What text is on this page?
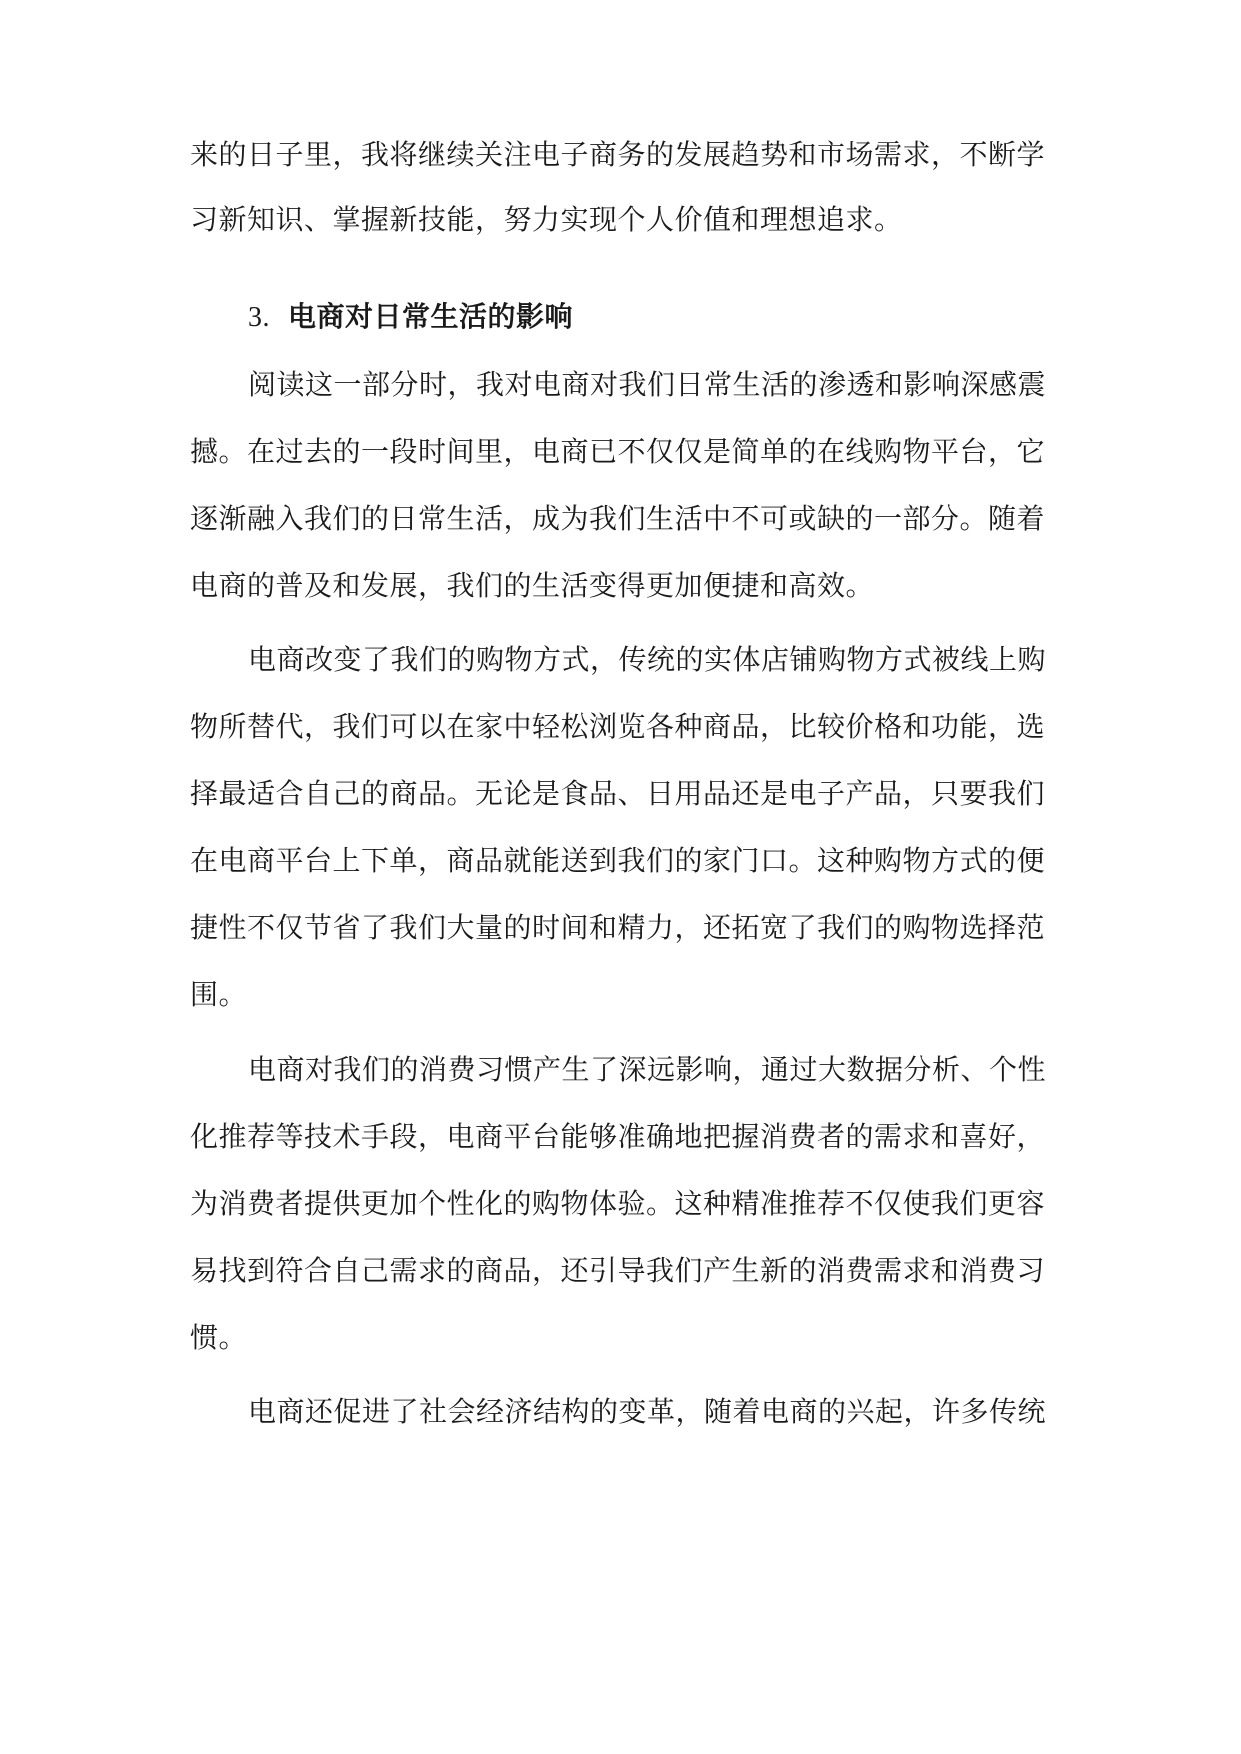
来的日子里，我将继续关注电子商务的发展趋势和市场需求，不断学
习新知识、掌握新技能，努力实现个人价值和理想追求。
3. 电商对日常生活的影响
阅读这一部分时，我对电商对我们日常生活的渗透和影响深感震
撼。在过去的一段时间里，电商已不仅仅是简单的在线购物平台，它
逐渐融入我们的日常生活，成为我们生活中不可或缺的一部分。随着
电商的普及和发展，我们的生活变得更加便捷和高效。
电商改变了我们的购物方式，传统的实体店铺购物方式被线上购
物所替代，我们可以在家中轻松浏览各种商品，比较价格和功能，选
择最适合自己的商品。无论是食品、日用品还是电子产品，只要我们
在电商平台上下单，商品就能送到我们的家门口。这种购物方式的便
捷性不仅节省了我们大量的时间和精力，还拓宽了我们的购物选择范
围。
电商对我们的消费习惯产生了深远影响，通过大数据分析、个性
化推荐等技术手段，电商平台能够准确地把握消费者的需求和喜好，
为消费者提供更加个性化的购物体验。这种精准推荐不仅使我们更容
易找到符合自己需求的商品，还引导我们产生新的消费需求和消费习
惯。
电商还促进了社会经济结构的变革，随着电商的兴起，许多传统
